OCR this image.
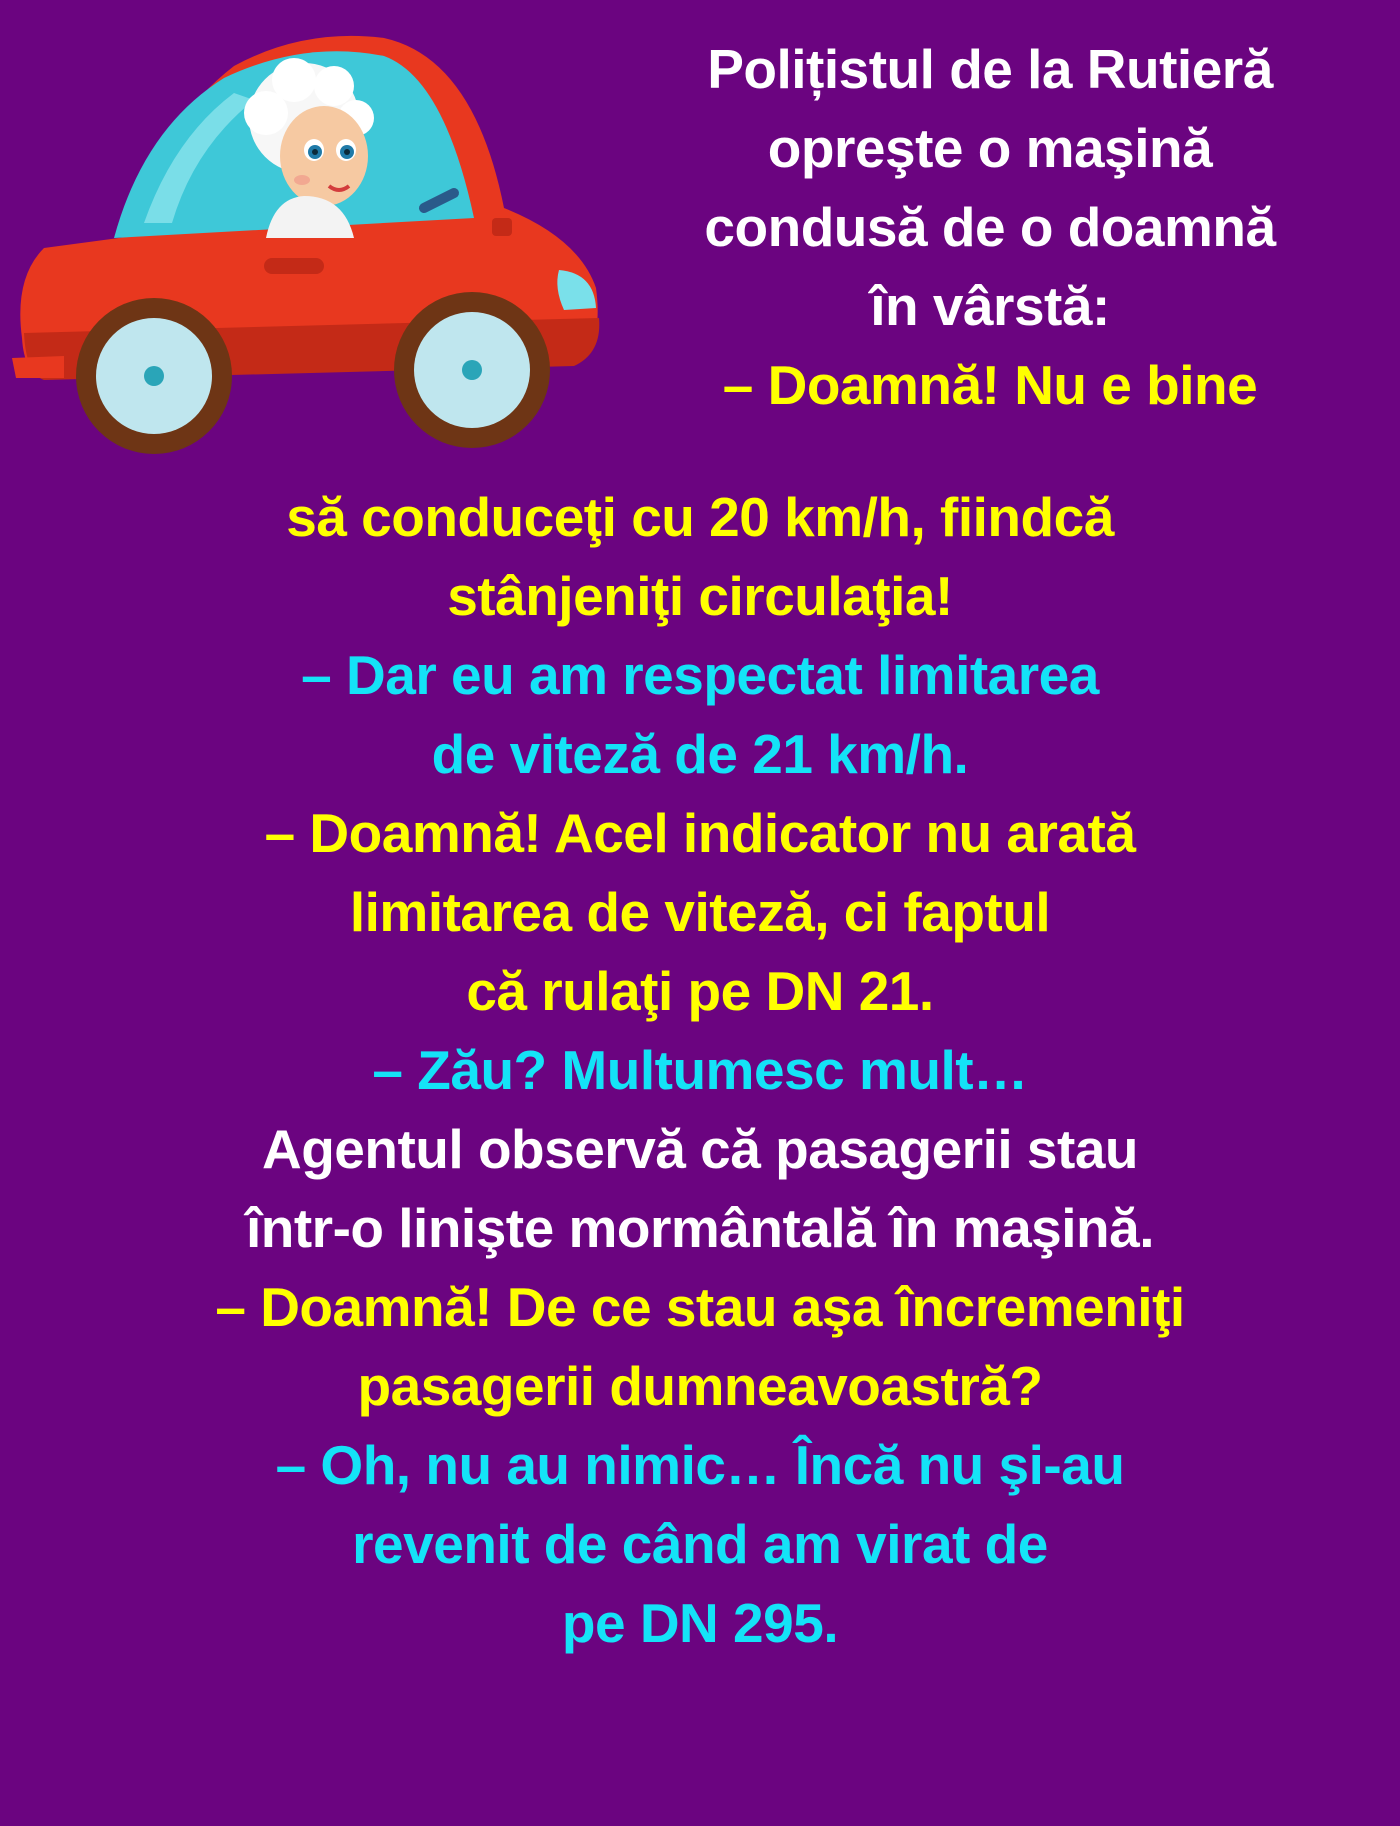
Polițistul de la Rutieră
opreşte o maşină
condusă de o doamnă
în vârstă:
– Doamnă! Nu e bine
să conduceţi cu 20 km/h, fiindcă
stânjeniţi circulaţia!
– Dar eu am respectat limitarea
de viteză de 21 km/h.
– Doamnă! Acel indicator nu arată
limitarea de viteză, ci faptul
că rulaţi pe DN 21.
– Zău? Multumesc mult…
Agentul observă că pasagerii stau
într-o linişte mormântală în maşină.
– Doamnă! De ce stau aşa încremeniţi
pasagerii dumneavoastră?
– Oh, nu au nimic… Încă nu şi-au
revenit de când am virat de
pe DN 295.
